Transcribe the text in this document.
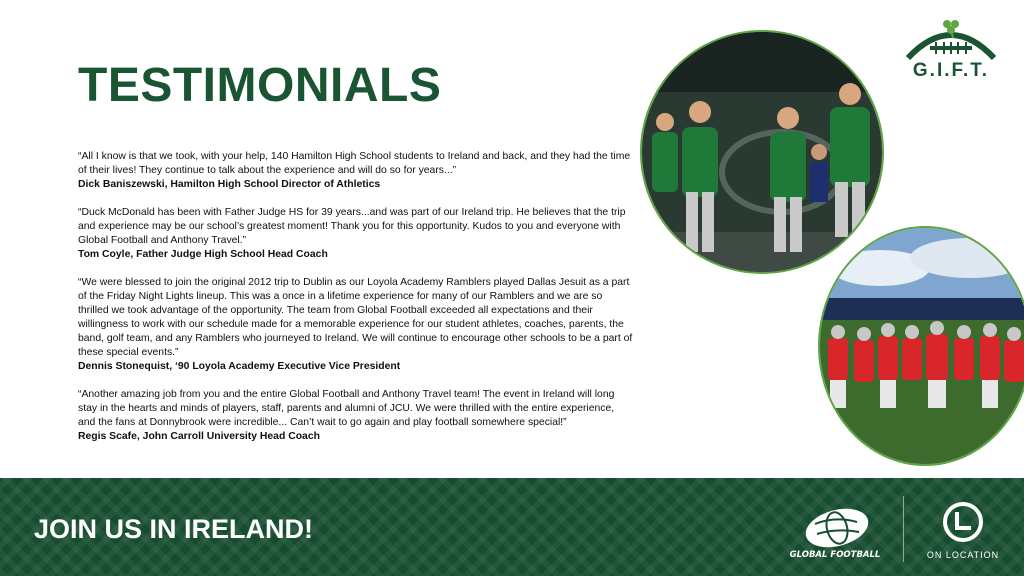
TESTIMONIALS	G.I.F.T.

“All I know is that we took, with your help, 140 Hamilton High School students to Ireland and back, and they had the time of their lives! They continue to talk about the experience and will do so for years...”

Dick Baniszewski, Hamilton High School Director of Athletics

“Duck McDonald has been with Father Judge HS for 39 years...and was part of our Ireland trip. He believes that the trip and experience may be our school’s greatest moment! Thank you for this opportunity. Kudos to you and everyone with Global Football and Anthony Travel.”

Tom Coyle, Father Judge High School Head Coach

“We were blessed to join the original 2012 trip to Dublin as our Loyola Academy Ramblers played Dallas Jesuit as a part of the Friday Night Lights lineup. This was a once in a lifetime experience for many of our Ramblers and we are so thrilled we took advantage of the opportunity. The team from Global Football exceeded all expectations and their willingness to work with our schedule made for a memorable experience for our student athletes, coaches, parents, the band, golf team, and any Ramblers who journeyed to Ireland. We will continue to encourage other schools to be a part of these special events.”

Dennis Stonequist, ‘90 Loyola Academy Executive Vice President

“Another amazing job from you and the entire Global Football and Anthony Travel team! The event in Ireland will long stay in the hearts and minds of players, staff, parents and alumni of JCU. We were thrilled with the entire experience, and the fans at Donnybrook were incredible... Can’t wait to go again and play football somewhere special!”

Regis Scafe, John Carroll University Head Coach

JOIN US IN IRELAND!
GLOBAL FOOTBALL	ON LOCATION
